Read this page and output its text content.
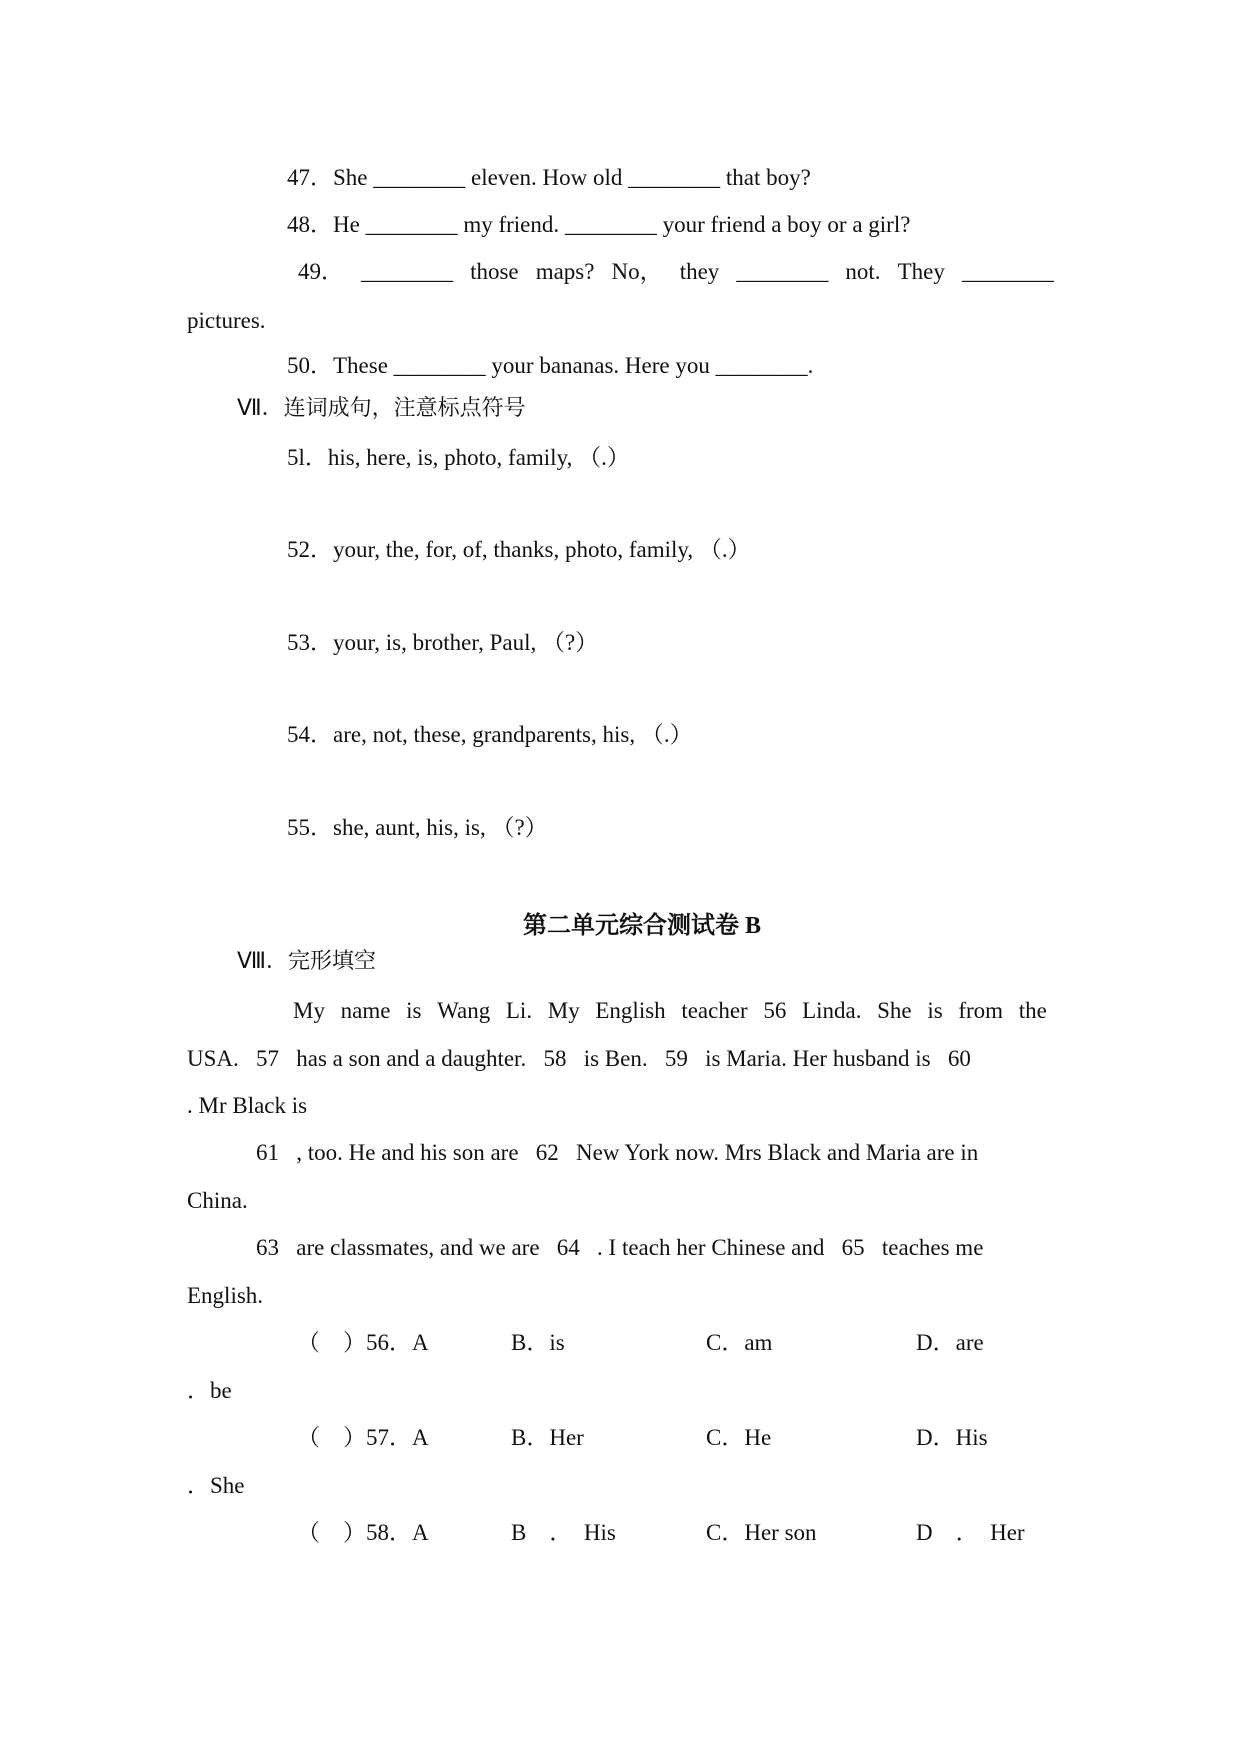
47．She ________ eleven. How old ________ that boy?
48．He ________ my friend. ________ your friend a boy or a girl?
49． ________ those maps? No， they ________ not. They ________
pictures.
50．These ________ your bananas. Here you ________.
Ⅶ．连词成句，注意标点符号
5l．his, here, is, photo, family, （.）
52．your, the, for, of, thanks, photo, family, （.）
53．your, is, brother, Paul, （?）
54．are, not, these, grandparents, his, （.）
55．she, aunt, his, is, （?）
第二单元综合测试卷 B
Ⅷ．完形填空
My name is Wang Li. My English teacher 56 Linda. She is from the
USA.   57   has a son and a daughter.   58   is Ben.   59   is Maria. Her husband is   60
. Mr Black is
61   , too. He and his son are   62   New York now. Mrs Black and Maria are in
China.
63   are classmates, and we are   64   . I teach her Chinese and   65   teaches me
English.
（　）56．A	B．is	C．am	D．are
．be
（　）57．A	B．Her	C．He	D．His
．She
（　）58．A	B　．　His	C．Her son	D　．　Her
